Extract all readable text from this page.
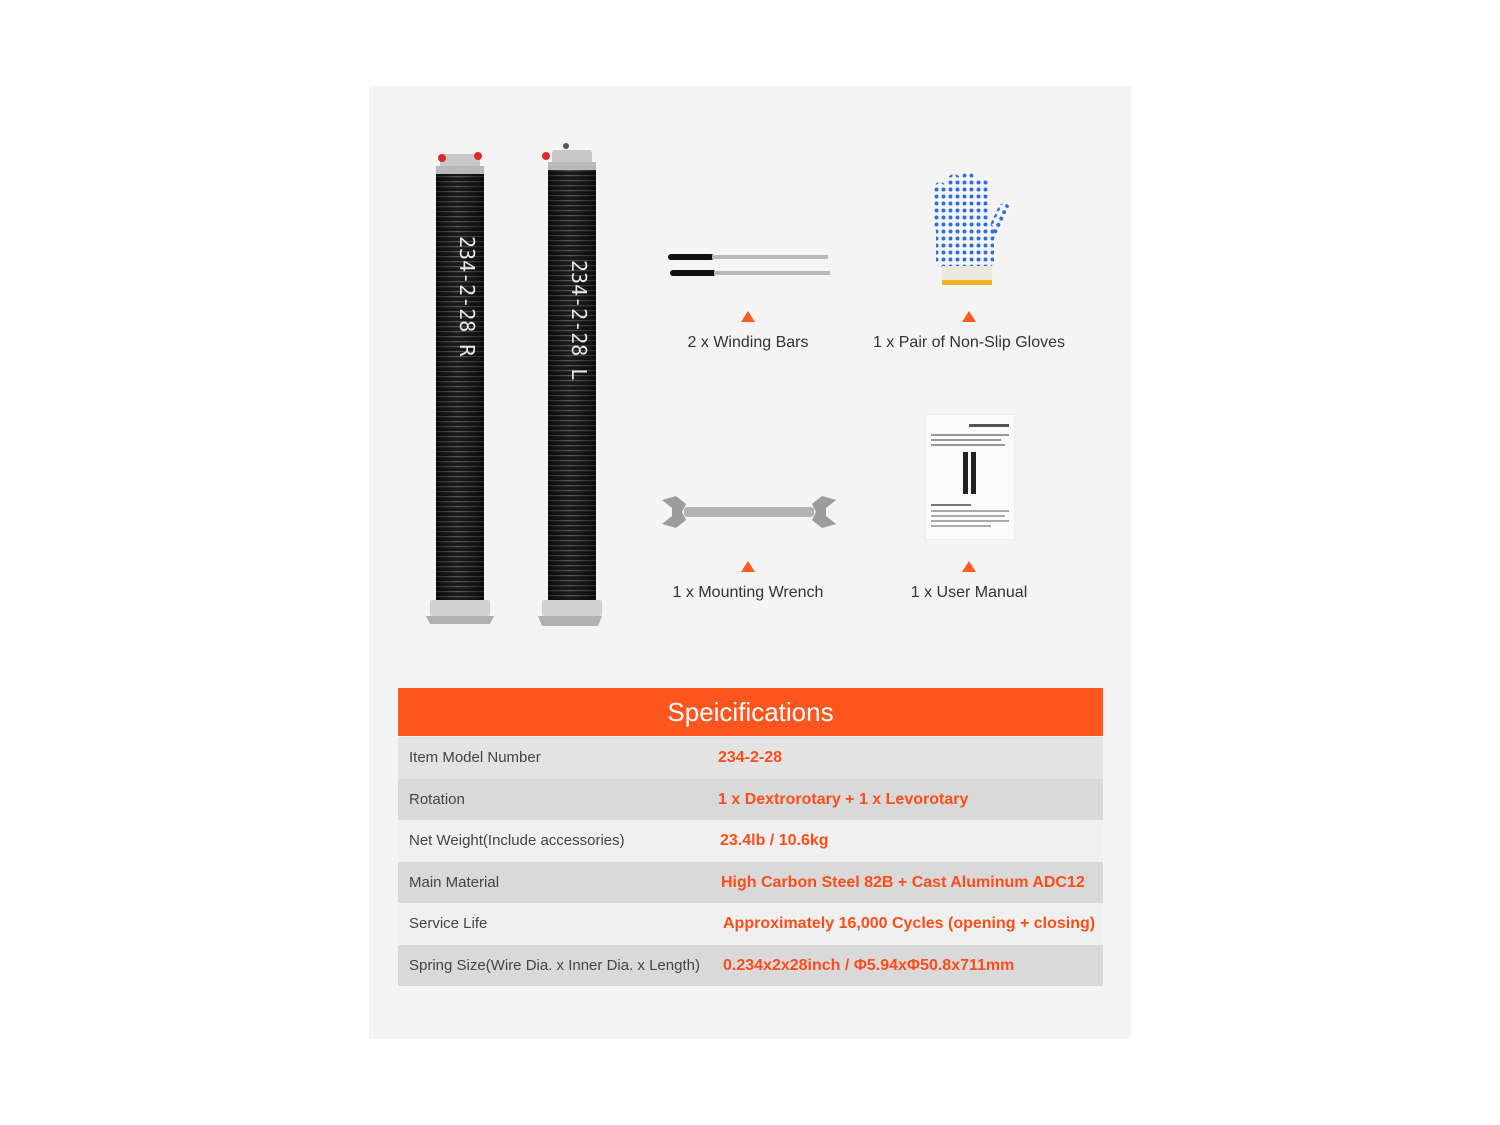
234-2-28 R	234-2-28 L	2 x Winding Bars	1 x Pair of Non-Slip Gloves
1 x Mounting Wrench	1 x User Manual
Speicifications
Item Model Number	234-2-28
Rotation	1 x Dextrorotary + 1 x Levorotary
Net Weight(Include accessories)	23.4lb / 10.6kg
Main Material	High Carbon Steel 82B + Cast Aluminum ADC12
Service Life	Approximately 16,000 Cycles (opening + closing)
Spring Size(Wire Dia. x Inner Dia. x Length) 0.234x2x28inch / Φ5.94xΦ50.8x711mm
